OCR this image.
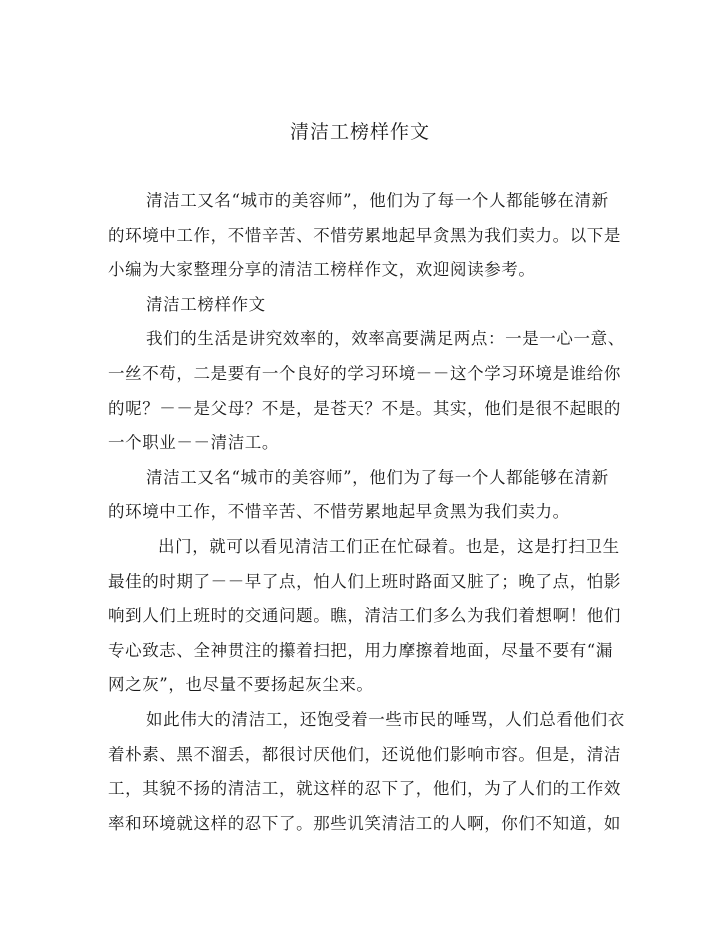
清洁工榜样作文
清洁工又名“城市的美容师”，他们为了每一个人都能够在清新
的环境中工作，不惜辛苦、不惜劳累地起早贪黑为我们卖力。以下是
小编为大家整理分享的清洁工榜样作文，欢迎阅读参考。
清洁工榜样作文
我们的生活是讲究效率的，效率高要满足两点：一是一心一意、
一丝不苟，二是要有一个良好的学习环境－－这个学习环境是谁给你
的呢？－－是父母？不是，是苍天？不是。其实，他们是很不起眼的
一个职业－－清洁工。
清洁工又名“城市的美容师”，他们为了每一个人都能够在清新
的环境中工作，不惜辛苦、不惜劳累地起早贪黑为我们卖力。
出门，就可以看见清洁工们正在忙碌着。也是，这是打扫卫生
最佳的时期了－－早了点，怕人们上班时路面又脏了；晚了点，怕影
响到人们上班时的交通问题。瞧，清洁工们多么为我们着想啊！他们
专心致志、全神贯注的攥着扫把，用力摩擦着地面，尽量不要有“漏
网之灰”，也尽量不要扬起灰尘来。
如此伟大的清洁工，还饱受着一些市民的唾骂，人们总看他们衣
着朴素、黑不溜丢，都很讨厌他们，还说他们影响市容。但是，清洁
工，其貌不扬的清洁工，就这样的忍下了，他们，为了人们的工作效
率和环境就这样的忍下了。那些讥笑清洁工的人啊，你们不知道，如
